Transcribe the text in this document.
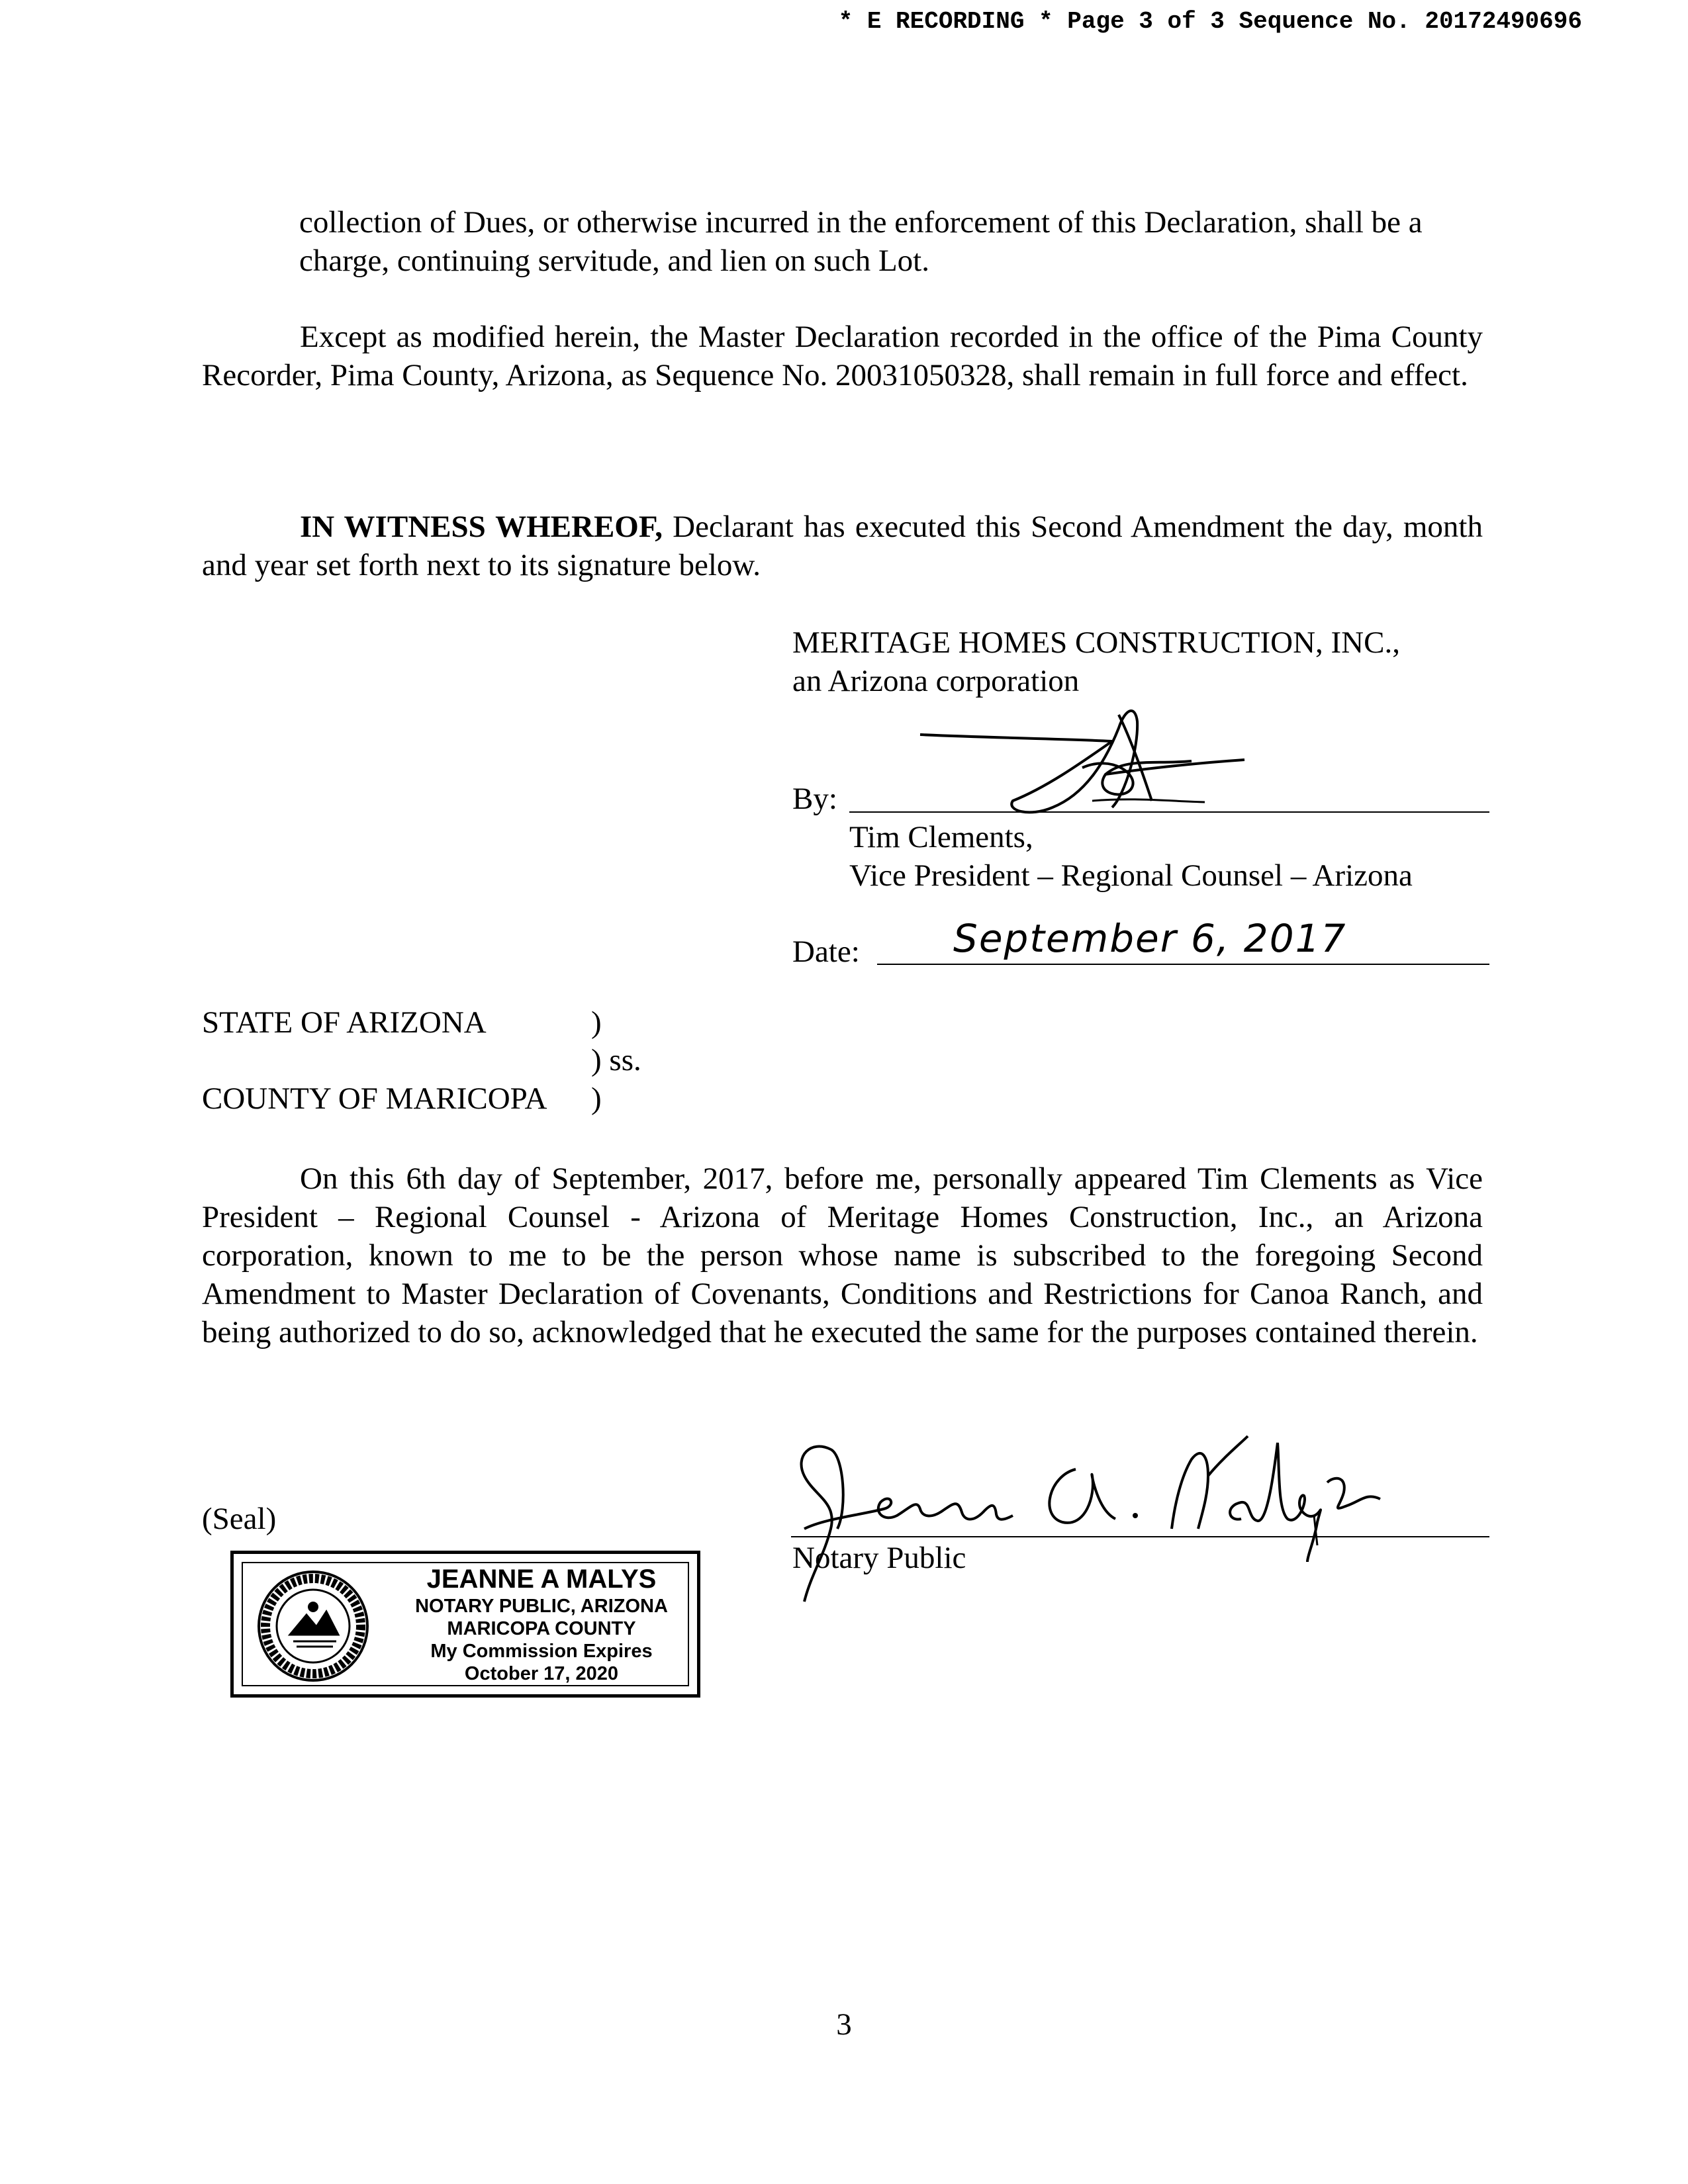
* E RECORDING * Page 3 of 3 Sequence No. 20172490696
collection of Dues, or otherwise incurred in the enforcement of this Declaration, shall be a charge, continuing servitude, and lien on such Lot.
Except as modified herein, the Master Declaration recorded in the office of the Pima County Recorder, Pima County, Arizona, as Sequence No. 20031050328, shall remain in full force and effect.
IN WITNESS WHEREOF, Declarant has executed this Second Amendment the day, month and year set forth next to its signature below.
MERITAGE HOMES CONSTRUCTION, INC.,
an Arizona corporation
By:
Tim Clements,
Vice President – Regional Counsel – Arizona
Date: September 6, 2017
STATE OF ARIZONA	)
) ss.
COUNTY OF MARICOPA )
On this 6th day of September, 2017, before me, personally appeared Tim Clements as Vice President – Regional Counsel - Arizona of Meritage Homes Construction, Inc., an Arizona corporation, known to me to be the person whose name is subscribed to the foregoing Second Amendment to Master Declaration of Covenants, Conditions and Restrictions for Canoa Ranch, and being authorized to do so, acknowledged that he executed the same for the purposes contained therein.
Notary Public
(Seal)
JEANNE A MALYS
NOTARY PUBLIC, ARIZONA
MARICOPA COUNTY
My Commission Expires
October 17, 2020
3
